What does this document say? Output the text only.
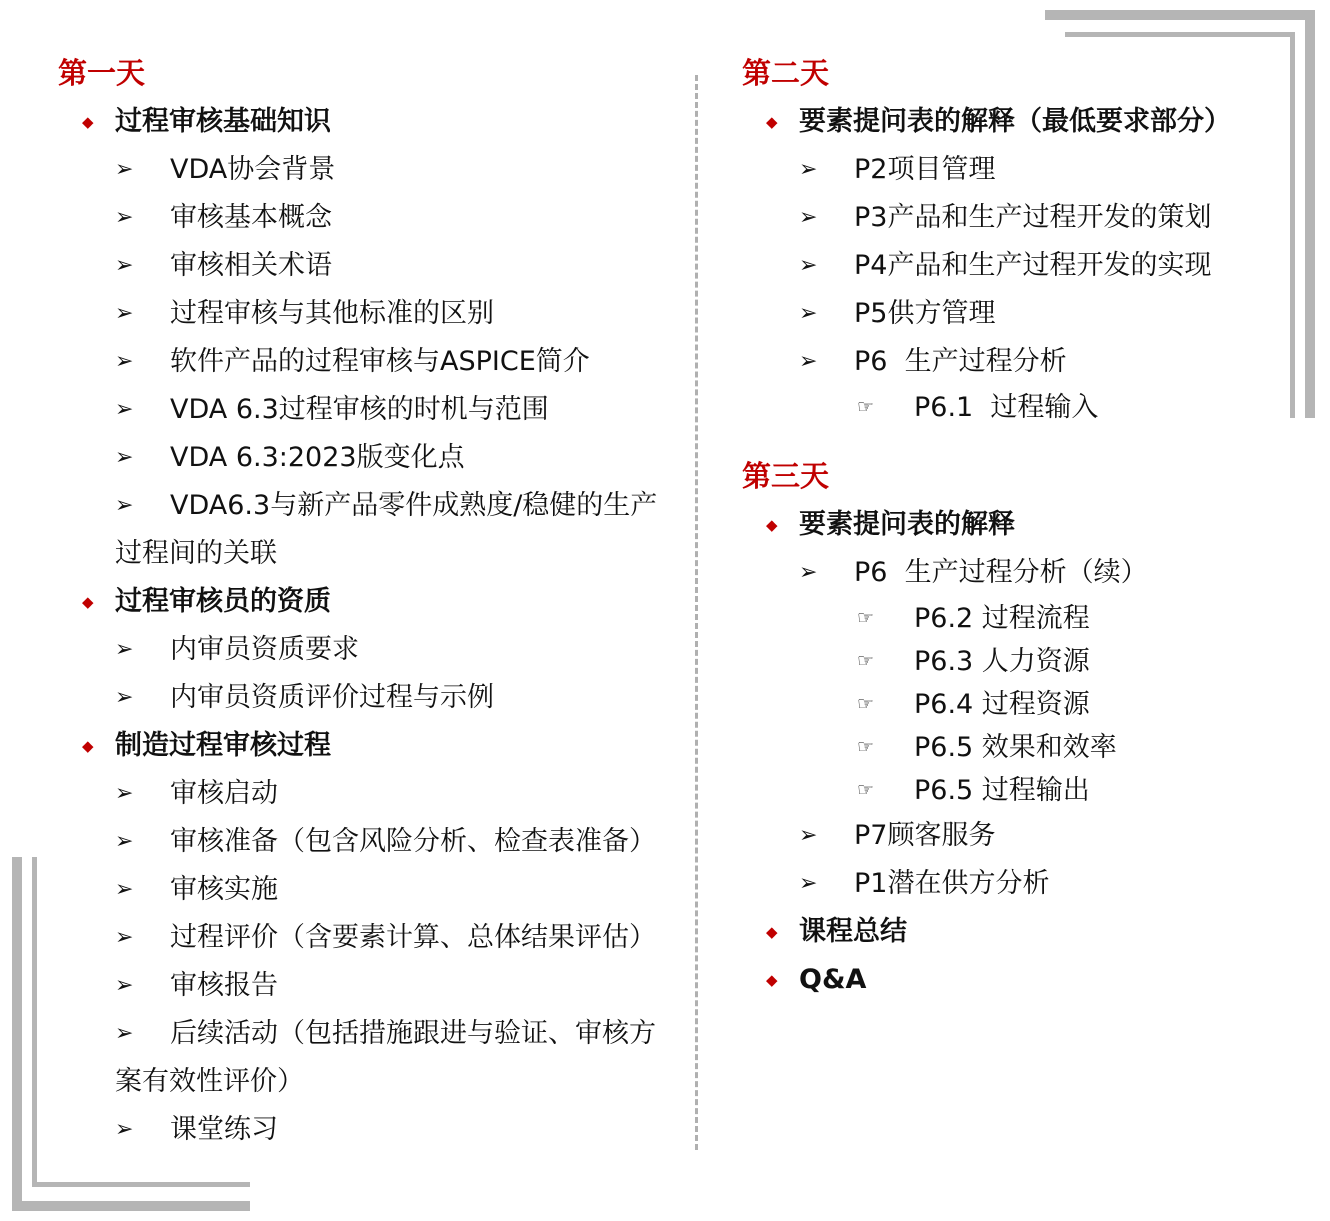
第一天
◆ 过程审核基础知识
➢ VDA协会背景
➢ 审核基本概念
➢ 审核相关术语
➢ 过程审核与其他标准的区别
➢ 软件产品的过程审核与ASPICE简介
➢ VDA 6.3过程审核的时机与范围
➢ VDA 6.3:2023版变化点
➢ VDA6.3与新产品零件成熟度/稳健的生产过程间的关联
◆ 过程审核员的资质
➢ 内审员资质要求
➢ 内审员资质评价过程与示例
◆ 制造过程审核过程
➢ 审核启动
➢ 审核准备（包含风险分析、检查表准备）
➢ 审核实施
➢ 过程评价（含要素计算、总体结果评估）
➢ 审核报告
➢ 后续活动（包括措施跟进与验证、审核方案有效性评价）
➢ 课堂练习
第二天
◆ 要素提问表的解释（最低要求部分）
➢ P2项目管理
➢ P3产品和生产过程开发的策划
➢ P4产品和生产过程开发的实现
➢ P5供方管理
➢ P6  生产过程分析
☞ P6.1  过程输入
第三天
◆ 要素提问表的解释
➢ P6  生产过程分析（续）
☞ P6.2 过程流程
☞ P6.3 人力资源
☞ P6.4 过程资源
☞ P6.5 效果和效率
☞ P6.5 过程输出
➢ P7顾客服务
➢ P1潜在供方分析
◆ 课程总结
◆ Q&A
